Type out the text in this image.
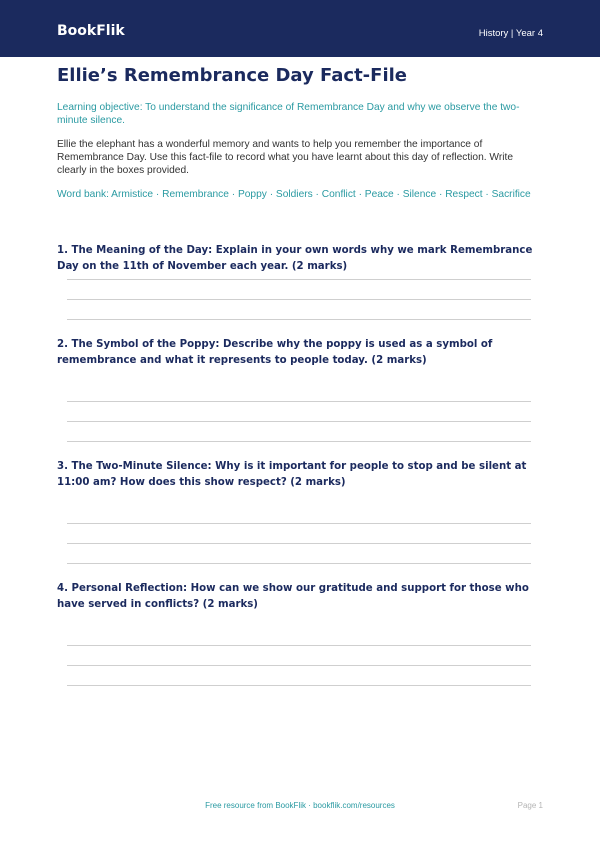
BookFlik	History | Year 4
Ellie’s Remembrance Day Fact-File

Learning objective: To understand the significance of Remembrance Day and why we observe the two-minute silence.

Ellie the elephant has a wonderful memory and wants to help you remember the importance of Remembrance Day. Use this fact-file to record what you have learnt about this day of reflection. Write clearly in the boxes provided.

Word bank: Armistice · Remembrance · Poppy · Soldiers · Conflict · Peace · Silence · Respect · Sacrifice

1. The Meaning of the Day: Explain in your own words why we mark Remembrance Day on the 11th of November each year. (2 marks)

2. The Symbol of the Poppy: Describe why the poppy is used as a symbol of remembrance and what it represents to people today. (2 marks)

3. The Two-Minute Silence: Why is it important for people to stop and be silent at 11:00 am? How does this show respect? (2 marks)

4. Personal Reflection: How can we show our gratitude and support for those who have served in conflicts? (2 marks)

Free resource from BookFlik · bookflik.com/resources	Page 1
